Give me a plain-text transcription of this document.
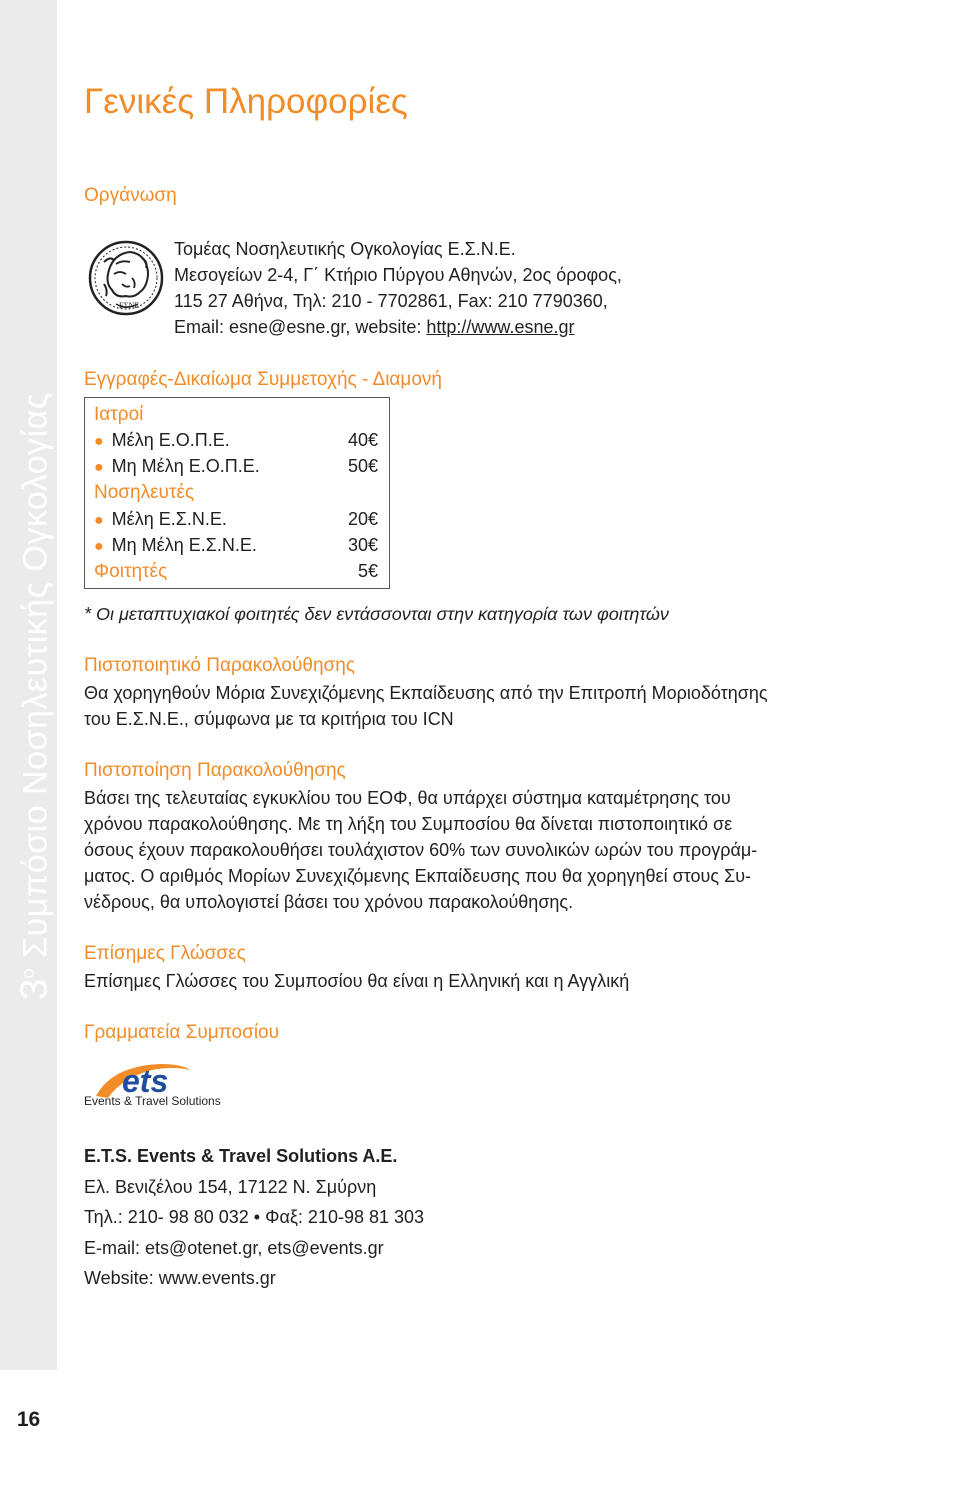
$3^o$ Συμπόσιο Νοσηλευτικής Ογκολογίας
16
Γενικές Πληροφορίες
Οργάνωση
ΕΣΝΕ
Τομέας Νοσηλευτικής Ογκολογίας Ε.Σ.Ν.Ε.
Μεσογείων 2-4, Γ΄ Κτήριο Πύργου Αθηνών, 2ος όροφος,
115 27 Αθήνα, Τηλ: 210 - 7702861, Fax: 210 7790360,
Email: esne@esne.gr, website: http://www.esne.gr
Εγγραφές-Δικαίωμα Συμμετοχής - Διαμονή
Ιατροί
● Μέλη Ε.Ο.Π.Ε.	40€
● Μη Μέλη Ε.Ο.Π.Ε.	50€
Νοσηλευτές
● Μέλη Ε.Σ.Ν.Ε.	20€
● Μη Μέλη Ε.Σ.Ν.Ε.	30€
Φοιτητές	5€
* Οι μεταπτυχιακοί φοιτητές δεν εντάσσονται στην κατηγορία των φοιτητών
Πιστοποιητικό Παρακολούθησης
Θα χορηγηθούν Μόρια Συνεχιζόμενης Εκπαίδευσης από την Επιτροπή Μοριοδότησης
του Ε.Σ.Ν.Ε., σύμφωνα με τα κριτήρια του ICN
Πιστοποίηση Παρακολούθησης
Βάσει της τελευταίας εγκυκλίου του ΕΟΦ, θα υπάρχει σύστημα καταμέτρησης του
χρόνου παρακολούθησης. Με τη λήξη του Συμποσίου θα δίνεται πιστοποιητικό σε
όσους έχουν παρακολουθήσει τουλάχιστον 60% των συνολικών ωρών του προγράμ-
ματος. Ο αριθμός Μορίων Συνεχιζόμενης Εκπαίδευσης που θα χορηγηθεί στους Συ-
νέδρους, θα υπολογιστεί βάσει του χρόνου παρακολούθησης.
Επίσημες Γλώσσες
Επίσημες Γλώσσες του Συμποσίου θα είναι η Ελληνική και η Αγγλική
Γραμματεία Συμποσίου
ets
Events & Travel Solutions
E.T.S. Events & Travel Solutions A.E.
Ελ. Βενιζέλου 154, 17122 Ν. Σμύρνη
Τηλ.: 210- 98 80 032 • Φαξ: 210-98 81 303
E-mail: ets@otenet.gr, ets@events.gr
Website: www.events.gr
